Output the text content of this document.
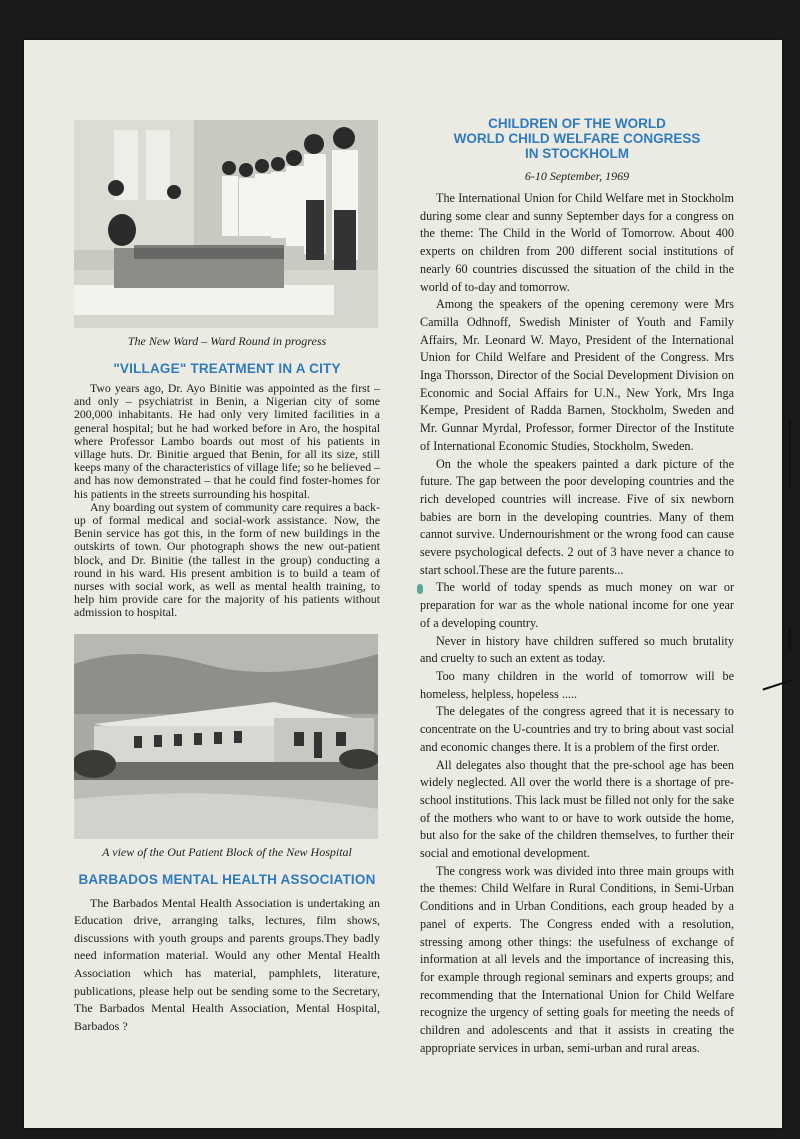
The New Ward – Ward Round in progress
"VILLAGE" TREATMENT IN A CITY

Two years ago, Dr. Ayo Binitie was appointed as the first – and only – psychiatrist in Benin, a Nigerian city of some 200,000 inhabitants. He had only very limited facilities in a general hospital; but he had worked before in Aro, the hospital where Professor Lambo boards out most of his patients in village huts. Dr. Binitie argued that Benin, for all its size, still keeps many of the characteristics of village life; so he believed – and has now demonstrated – that he could find foster-homes for his patients in the streets surrounding his hospital.

Any boarding out system of community care requires a back-up of formal medical and social-work assistance. Now, the Benin service has got this, in the form of new buildings in the outskirts of town. Our photograph shows the new out-patient block, and Dr. Binitie (the tallest in the group) conducting a round in his ward. His present ambition is to build a team of nurses with social work, as well as mental health training, to help him provide care for the majority of his patients without admission to hospital.

A view of the Out Patient Block of the New Hospital
BARBADOS MENTAL HEALTH ASSOCIATION

The Barbados Mental Health Association is undertaking an Education drive, arranging talks, lectures, film shows, discussions with youth groups and parents groups.They badly need information material. Would any other Mental Health Association which has material, pamphlets, literature, publications, please help out be sending some to the Secretary, The Barbados Mental Health Association, Mental Hospital, Barbados ?

CHILDREN OF THE WORLD
WORLD CHILD WELFARE CONGRESS
IN STOCKHOLM
6-10 September, 1969

The International Union for Child Welfare met in Stockholm during some clear and sunny September days for a congress on the theme: The Child in the World of Tomorrow. About 400 experts on children from 200 different social institutions of nearly 60 countries discussed the situation of the child in the world of to-day and tomorrow.

Among the speakers of the opening ceremony were Mrs Camilla Odhnoff, Swedish Minister of Youth and Family Affairs, Mr. Leonard W. Mayo, President of the International Union for Child Welfare and President of the Congress. Mrs Inga Thorsson, Director of the Social Development Division on Economic and Social Affairs for U.N., New York, Mrs Inga Kempe, President of Radda Barnen, Stockholm, Sweden and Mr. Gunnar Myrdal, Professor, former Director of the Institute of International Economic Studies, Stockholm, Sweden.

On the whole the speakers painted a dark picture of the future. The gap between the poor developing countries and the rich developed countries will increase. Five of six newborn babies are born in the developing countries. Many of them cannot survive. Undernourishment or the wrong food can cause severe psychological defects. 2 out of 3 have never a chance to start school.These are the future parents...

The world of today spends as much money on war or preparation for war as the whole national income for one year of a developing country.

Never in history have children suffered so much brutality and cruelty to such an extent as today.

Too many children in the world of tomorrow will be homeless, helpless, hopeless .....

The delegates of the congress agreed that it is necessary to concentrate on the U-countries and try to bring about vast social and economic changes there. It is a problem of the first order.

All delegates also thought that the pre-school age has been widely neglected. All over the world there is a shortage of pre-school institutions. This lack must be filled not only for the sake of the mothers who want to or have to work outside the home, but also for the sake of the children themselves, to further their social and emotional development.

The congress work was divided into three main groups with the themes: Child Welfare in Rural Conditions, in Semi-Urban Conditions and in Urban Conditions, each group headed by a panel of experts. The Congress ended with a resolution, stressing among other things: the usefulness of exchange of information at all levels and the importance of increasing this, for example through regional seminars and experts groups; and recommending that the International Union for Child Welfare recognize the urgency of setting goals for meeting the needs of children and adolescents and that it assists in creating the appropriate services in urban, semi-urban and rural areas.
